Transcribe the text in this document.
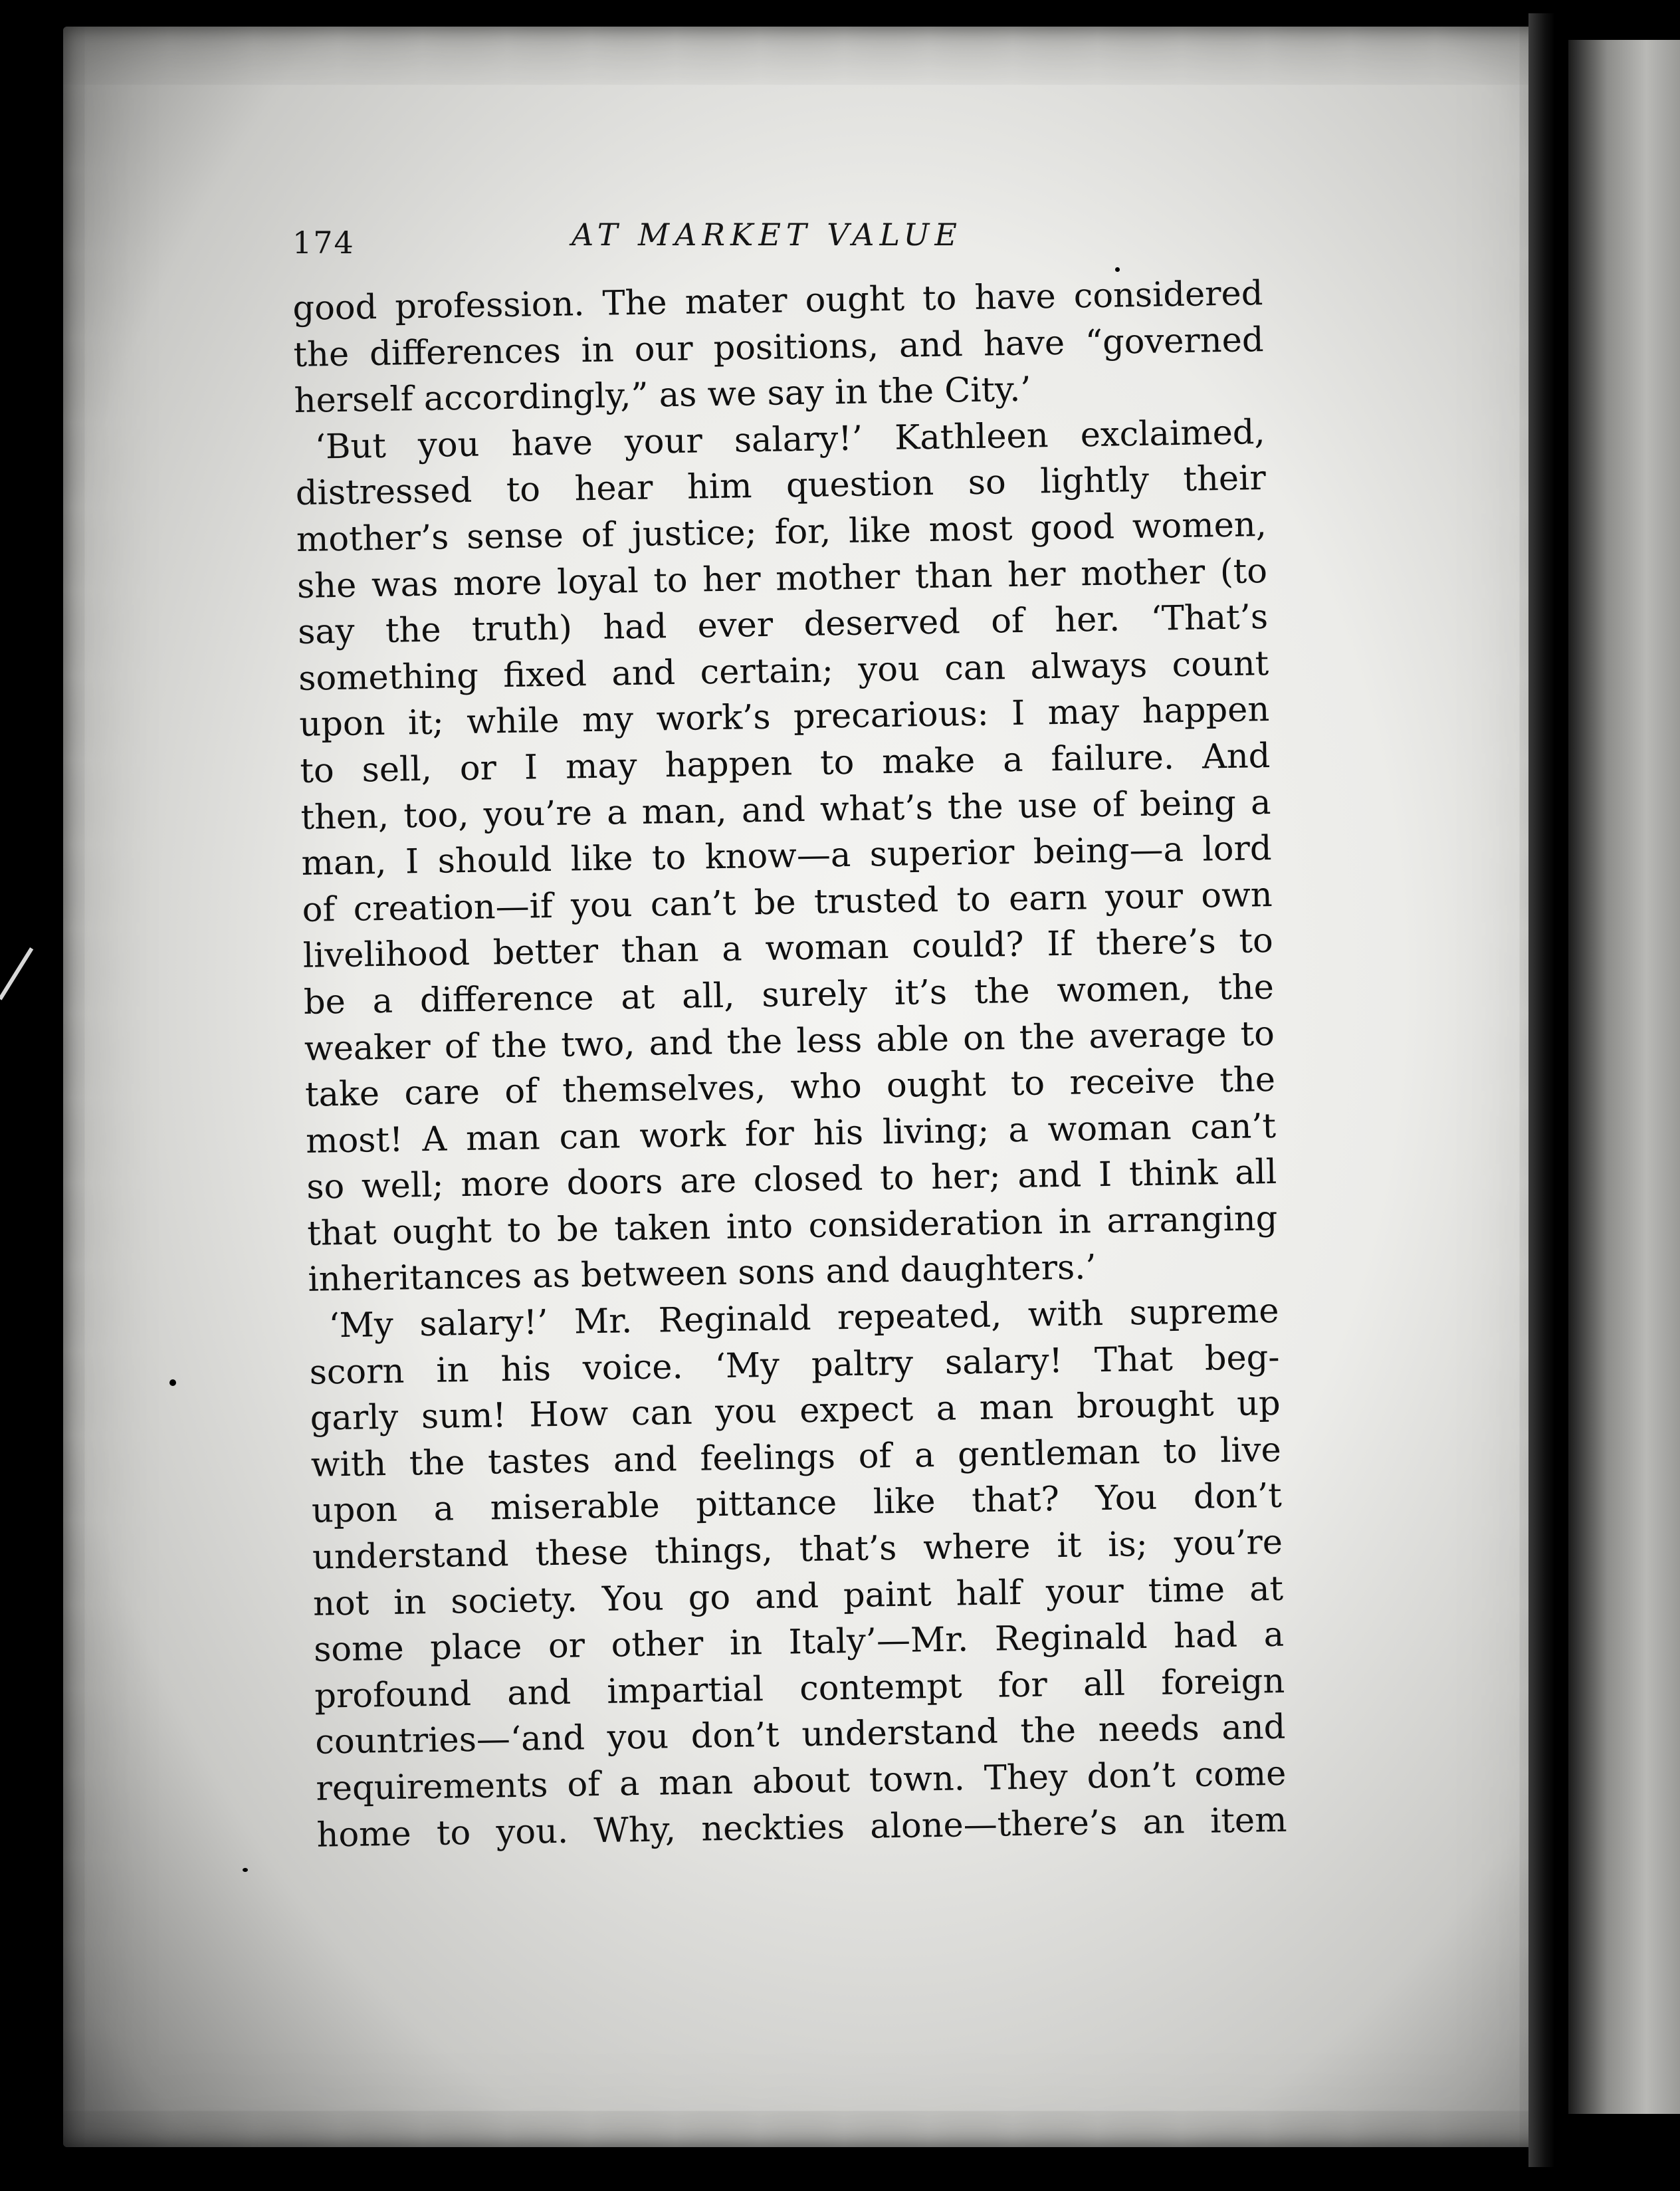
174	AT MARKET VALUE
good profession. The mater ought to have considered
the differences in our positions, and have “governed
herself accordingly,” as we say in the City.’
‘But you have your salary!’ Kathleen exclaimed,
distressed to hear him question so lightly their
mother’s sense of justice; for, like most good women,
she was more loyal to her mother than her mother (to
say the truth) had ever deserved of her. ‘That’s
something fixed and certain; you can always count
upon it; while my work’s precarious: I may happen
to sell, or I may happen to make a failure. And
then, too, you’re a man, and what’s the use of being a
man, I should like to know—a superior being—a lord
of creation—if you can’t be trusted to earn your own
livelihood better than a woman could? If there’s to
be a difference at all, surely it’s the women, the
weaker of the two, and the less able on the average to
take care of themselves, who ought to receive the
most! A man can work for his living; a woman can’t
so well; more doors are closed to her; and I think all
that ought to be taken into consideration in arranging
inheritances as between sons and daughters.’
‘My salary!’ Mr. Reginald repeated, with supreme
scorn in his voice. ‘My paltry salary! That beg-
garly sum! How can you expect a man brought up
with the tastes and feelings of a gentleman to live
upon a miserable pittance like that? You don’t
understand these things, that’s where it is; you’re
not in society. You go and paint half your time at
some place or other in Italy’—Mr. Reginald had a
profound and impartial contempt for all foreign
countries—‘and you don’t understand the needs and
requirements of a man about town. They don’t come
home to you. Why, neckties alone—there’s an item
